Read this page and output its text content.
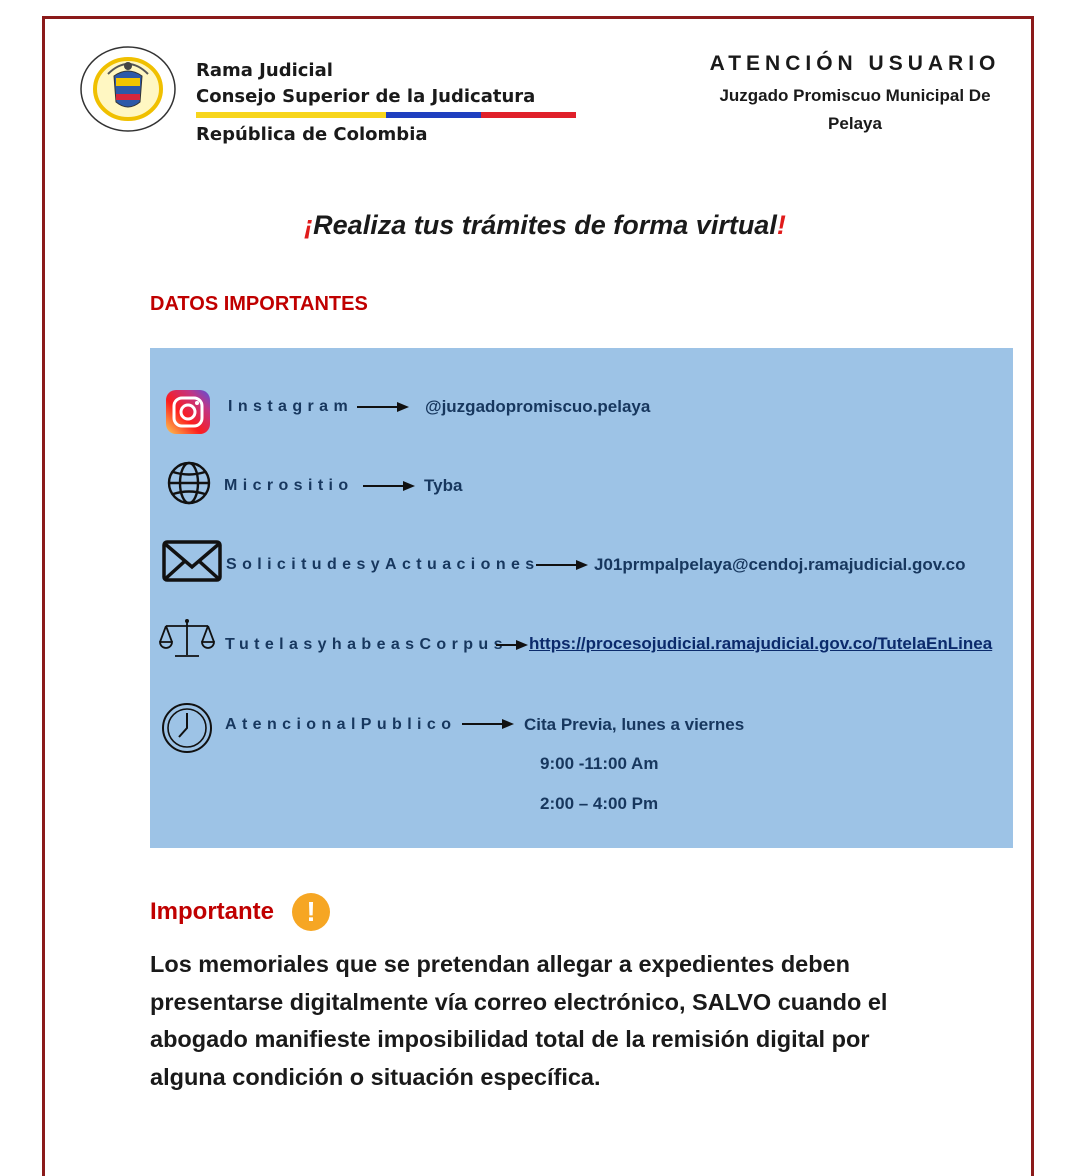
Rama Judicial
Consejo Superior de la Judicatura
República de Colombia
ATENCIÓN USUARIO
Juzgado Promiscuo Municipal De
Pelaya
¡Realiza tus trámites de forma virtual!
DATOS IMPORTANTES
Instagram	@juzgadopromiscuo.pelaya
Micrositio	Tyba
SolicitudesyActuaciones	J01prmpalpelaya@cendoj.ramajudicial.gov.co
TutelasyhabeasCorpus https://procesojudicial.ramajudicial.gov.co/TutelaEnLinea
AtencionalPublico	Cita Previa, lunes a viernes
9:00 -11:00 Am
2:00 – 4:00 Pm
Importante	!
Los memoriales que se pretendan allegar a expedientes deben
presentarse digitalmente vía correo electrónico, SALVO cuando el
abogado manifieste imposibilidad total de la remisión digital por
alguna condición o situación específica.
